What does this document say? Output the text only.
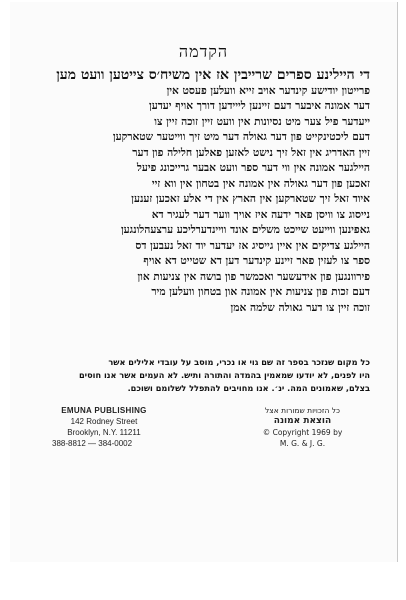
הקדמה
די היילינע ספרים שרייבין אז אין משיח׳ס צייטען וועט מען
פרייטון יודישע קינדער אויב זייא וועלען פעסט אין
דער אמונה איבער דעם זיינען לייידען דורך אויף יעדען
ייעדער פיל צער מיט נסיונות אין וועט זיין זוכה זיין צו
דעם ליכטינקייט פון דער גאולה דער מיט זיך ווייטער שטארקען
זיין האדריג אין זאל זיך נישט לאזען פאלען חלילה פון דער
היילגער אמונה אין ווי דער ספר וועט אבער גרייכונג פיעל
זאכען פון דער גאולה אין אמונה אין בטחון אין ווא זיי
איוד זאל זיך שטארקען אין הארץ אין די אלע זאכען זענען
נייסוג צו וויסן פאר ידעה איז אויך ווער דער לעגיר דא
גאפינען ווייעט שייכט משלים אונד וויינדערליכע ערצעהלונגען
היילגע צדיקים אין איין גייסיג אז יעדער יוד זאל נעבען דס
ספר צו לעזין פאר זיינע קינדער דען דא שטייט דא אויף
פירוונגען פון אידעשער ואכמשר פון בושה אין צניעות און
דעם זכות פון צניעות אין אמונה און בטחון וועלען מיר
זוכה זיין צו דער גאולה שלמה אמן
כל מקום שנזכר בספר זה שם גוי או נכרי, מוסב על עובדי אלילים אשר
היו לפנים, לא יודעו שמאמין בהמדה והתורה ותיש. לא העמים אשר אנו חוסים
בצלם, שאמונים המה. ינ׳. אנו מחויבים להתפלל לשלומם ושוכם.
EMUNA PUBLISHING
142 Rodney Street
Brooklyn, N.Y. 11211
388-8812 — 384-0002
כל הזכויות שמורות אצל
הוצאת אמונה
© Copyright 1969 by
M. G. & J. G.
